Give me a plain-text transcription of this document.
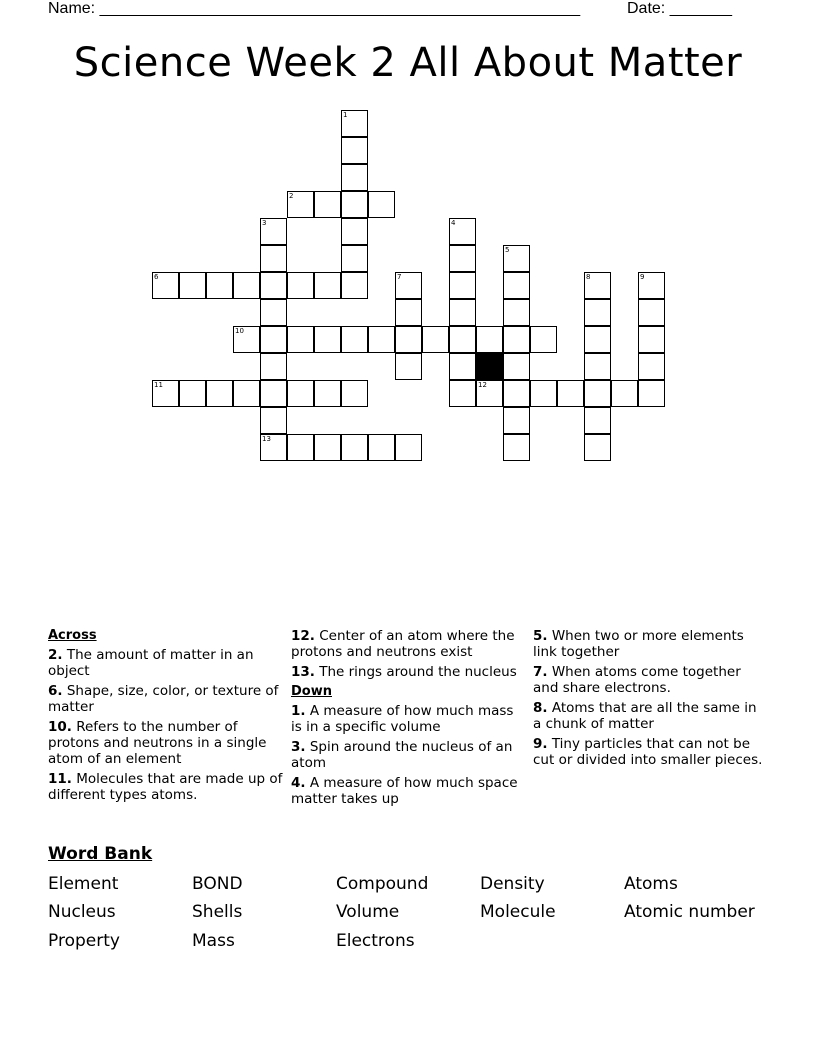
Name: ______________________________________________________	Date: _______
Science Week 2 All About Matter
1
2
3
13
4
5
6	7	8	9
10
11	12
Across
2. The amount of matter in an object
6. Shape, size, color, or texture of matter
10. Refers to the number of protons and neutrons in a single atom of an element
11. Molecules that are made up of different types atoms.
12. Center of an atom where the protons and neutrons exist
13. The rings around the nucleus
Down
1. A measure of how much mass is in a specific volume
3. Spin around the nucleus of an atom
4. A measure of how much space matter takes up
5. When two or more elements link together
7. When atoms come together and share electrons.
8. Atoms that are all the same in a chunk of matter
9. Tiny particles that can not be cut or divided into smaller pieces.
Word Bank
Element	BOND	Compound	Density	Atoms
Nucleus	Shells	Volume	Molecule	Atomic number
Property	Mass	Electrons
